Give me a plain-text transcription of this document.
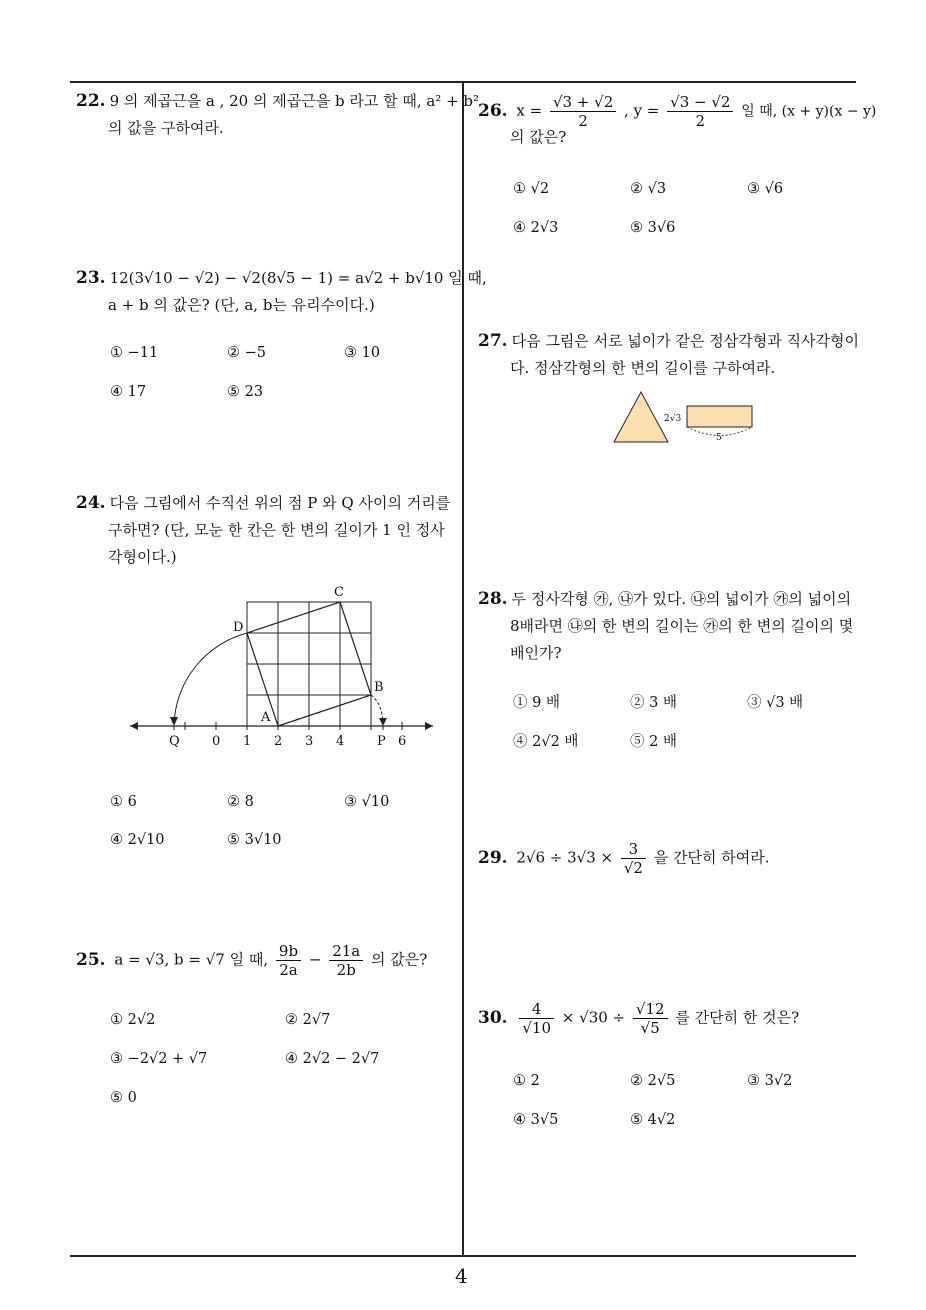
4
22. 9 의 제곱근을 a , 20 의 제곱근을 b 라고 할 때, a² + b²
의 값을 구하여라.
23. 12(3√10 − √2) − √2(8√5 − 1) = a√2 + b√10 일 때,
a + b 의 값은? (단, a, b는 유리수이다.)
① −11	② −5	③ 10
④ 17	⑤ 23
24. 다음 그림에서 수직선 위의 점 P 와 Q 사이의 거리를
구하면? (단, 모눈 한 칸은 한 변의 길이가 1 인 정사
각형이다.)
C
D
B
A
Q 0 1 2 3 4	P 6
① 6	② 8	③ √10
④ 2√10	⑤ 3√10
25. a = √3, b = √7 일 때, $\frac{9b}{2a} - \frac{21a}{2b}$ 의 값은?
① 2√2	② 2√7
③ −2√2 + √7	④ 2√2 − 2√7
⑤ 0
26. $x = \frac{√3 + √2}{2}$ , $y = \frac{√3 - √2}{2}$ 일 때, (x + y)(x − y)
의 값은?
① √2	② √3	③ √6
④ 2√3	⑤ 3√6
27. 다음 그림은 서로 넓이가 같은 정삼각형과 직사각형이
다. 정삼각형의 한 변의 길이를 구하여라.
2√3
5
28. 두 정사각형 ㉮, ㉯가 있다. ㉯의 넓이가 ㉮의 넓이의
8배라면 ㉯의 한 변의 길이는 ㉮의 한 변의 길이의 몇
배인가?
① 9 배	② 3 배	③ √3 배
④ 2√2 배	⑤ 2 배
29. $2√6 \div 3√3 \times \frac{3}{√2}$ 을 간단히 하여라.
30. $\frac{4}{√10} \times √30 \div \frac{√12}{√5}$ 를 간단히 한 것은?
① 2	② 2√5	③ 3√2
④ 3√5	⑤ 4√2
